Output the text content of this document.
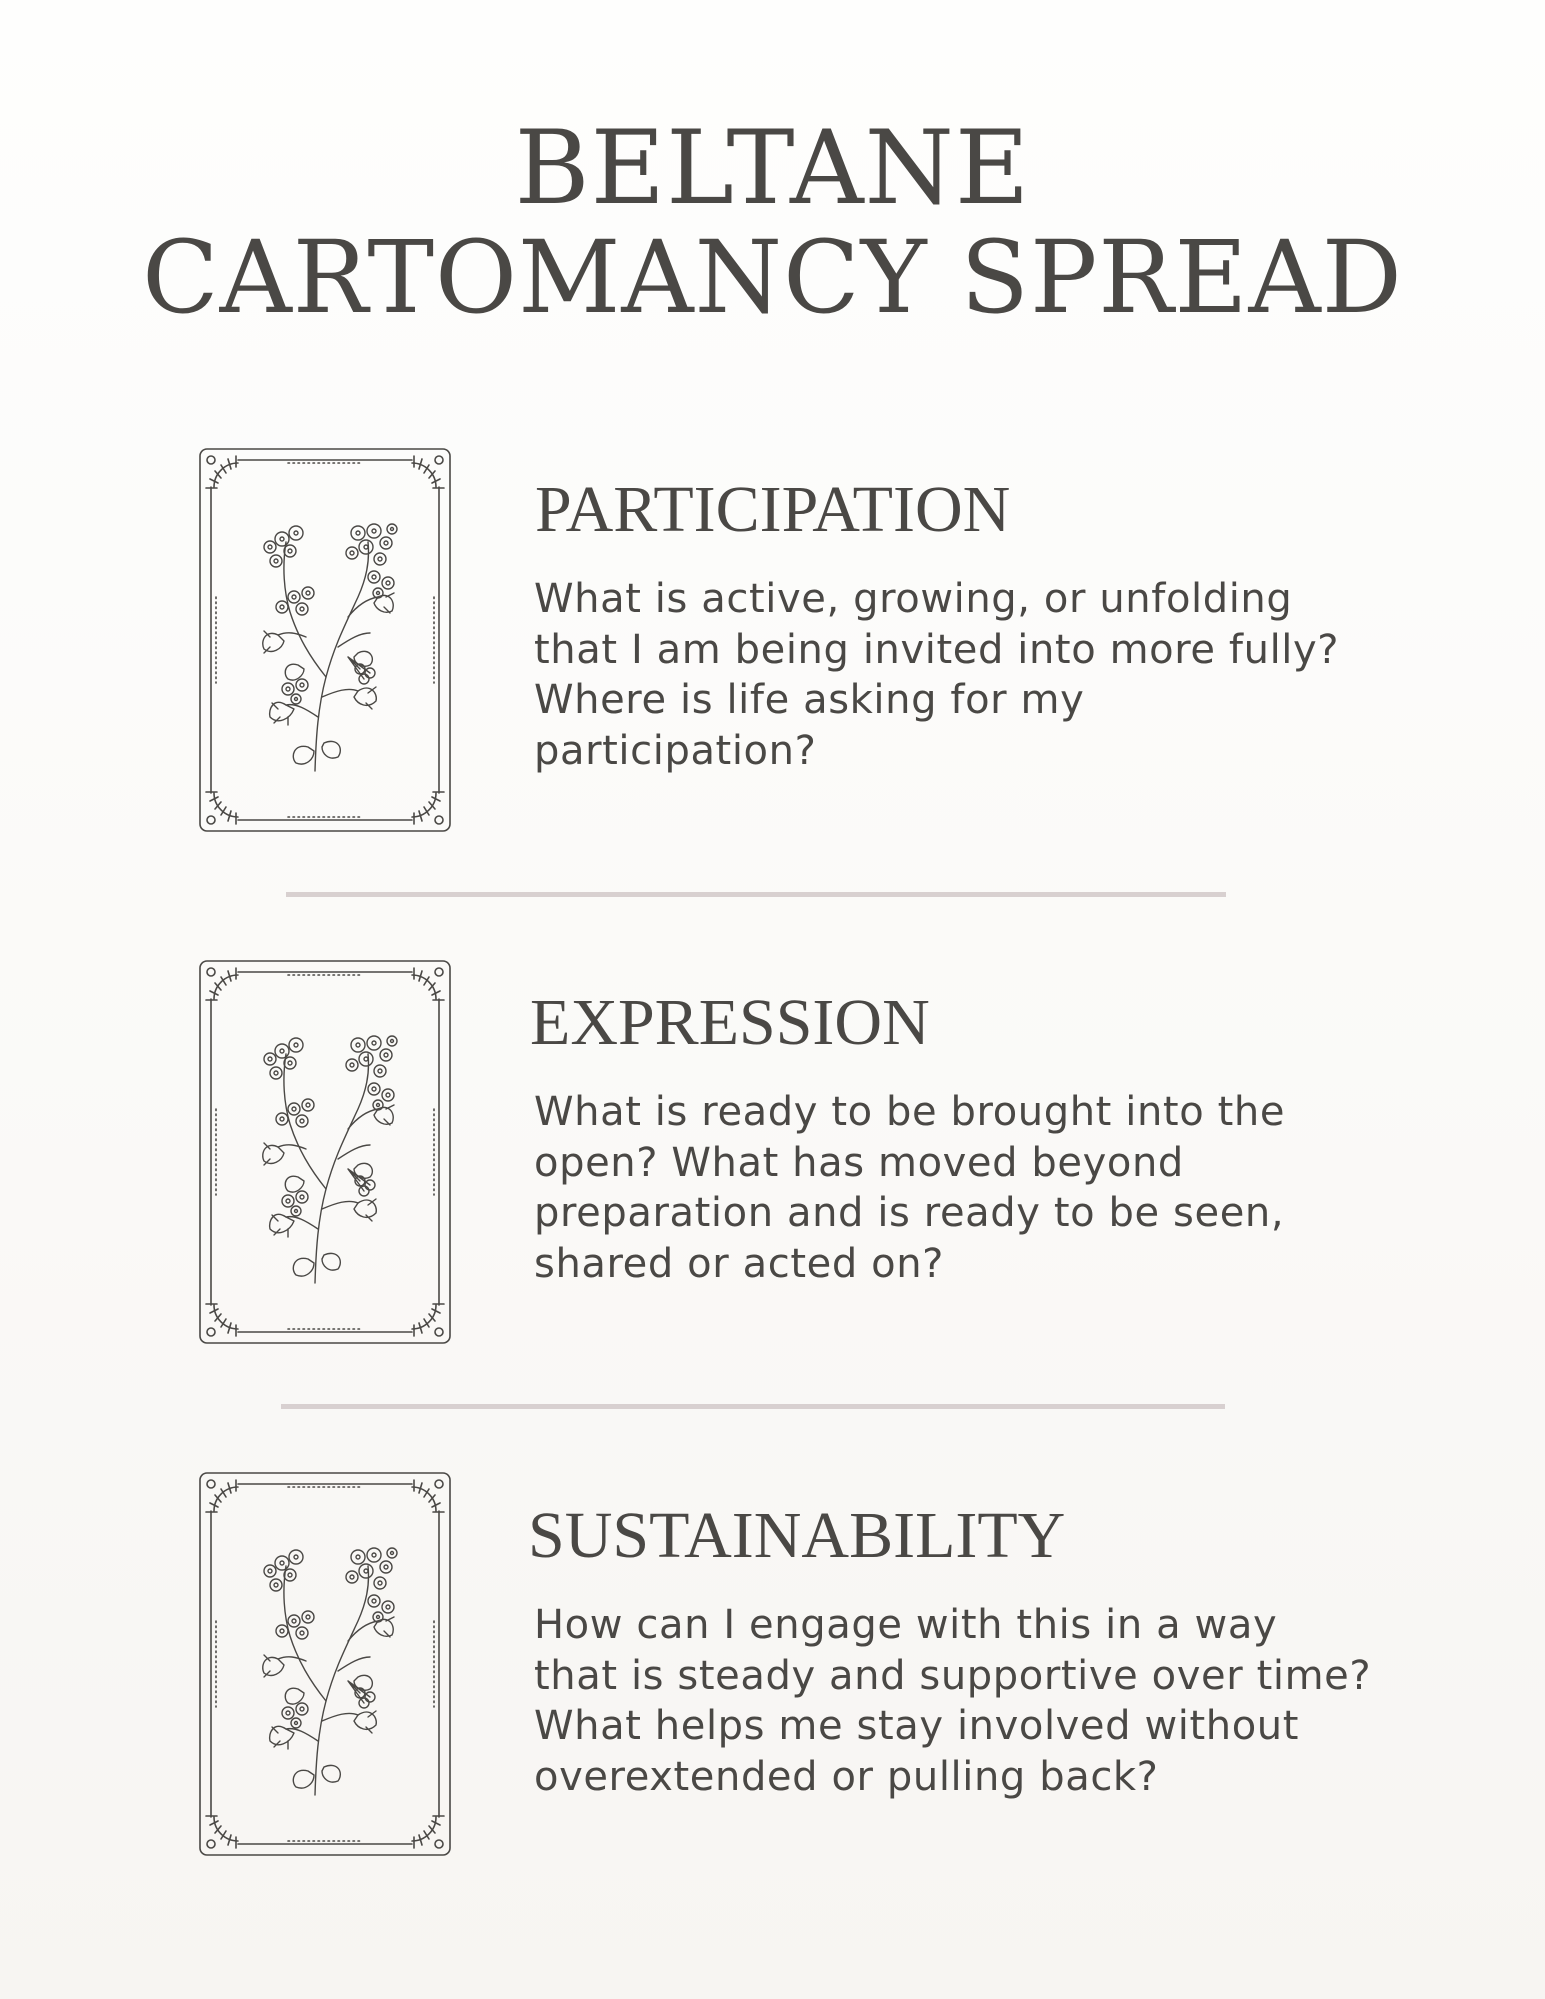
BELTANE
CARTOMANCY SPREAD
PARTICIPATION

What is active, growing, or unfolding that I am being invited into more fully? Where is life asking for my participation?

EXPRESSION

What is ready to be brought into the open? What has moved beyond preparation and is ready to be seen, shared or acted on?

SUSTAINABILITY

How can I engage with this in a way that is steady and supportive over time? What helps me stay involved without overextended or pulling back?
